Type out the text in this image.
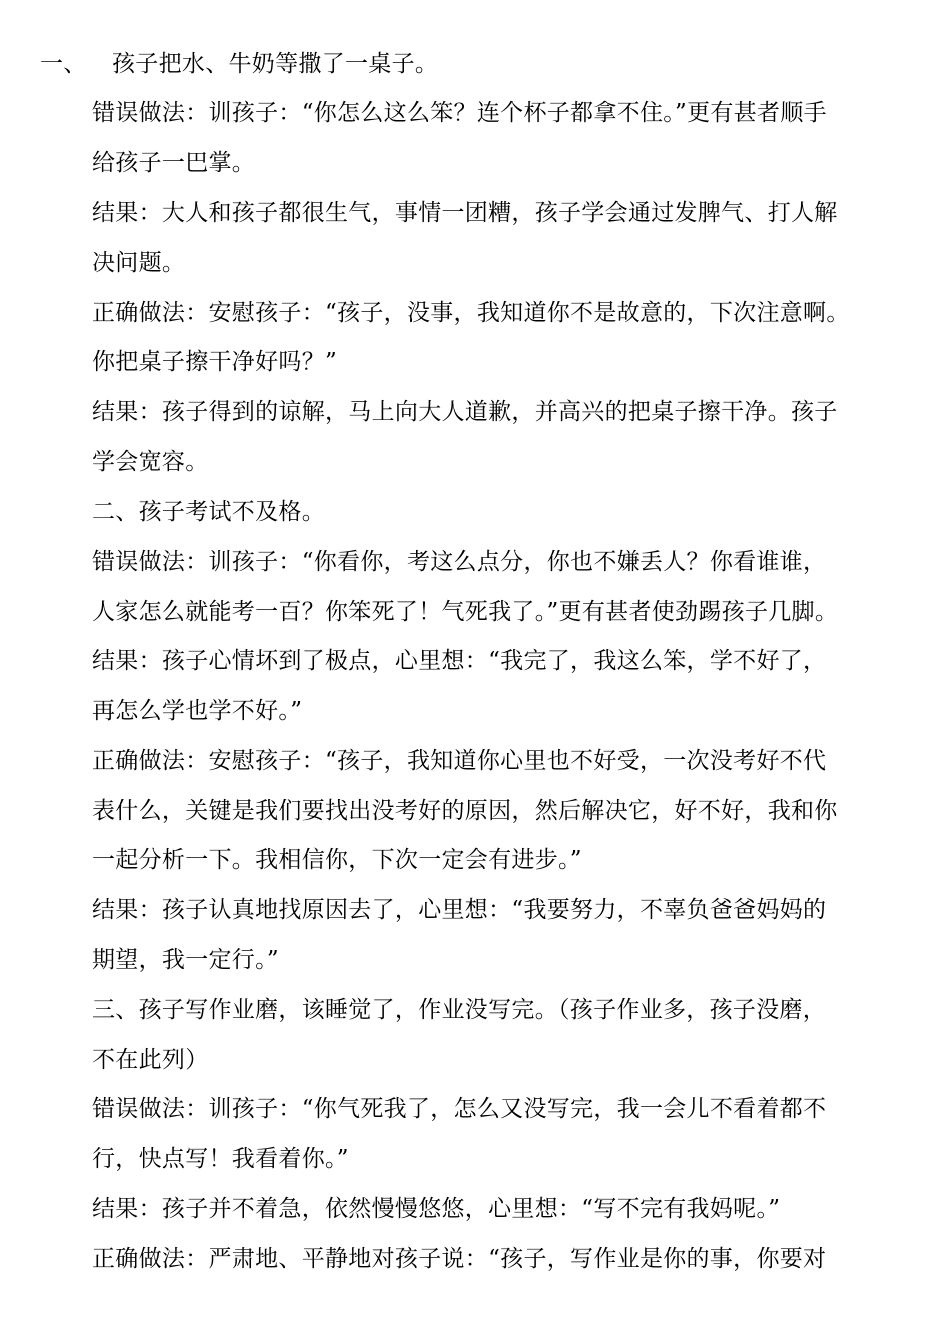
一、 孩子把水、牛奶等撒了一桌子。
错误做法：训孩子：“你怎么这么笨？连个杯子都拿不住。”更有甚者顺手
给孩子一巴掌。
结果：大人和孩子都很生气，事情一团糟，孩子学会通过发脾气、打人解
决问题。
正确做法：安慰孩子：“孩子，没事，我知道你不是故意的，下次注意啊。
你把桌子擦干净好吗？”
结果：孩子得到的谅解，马上向大人道歉，并高兴的把桌子擦干净。孩子
学会宽容。
二、孩子考试不及格。
错误做法：训孩子：“你看你，考这么点分，你也不嫌丢人？你看谁谁，
人家怎么就能考一百？你笨死了！气死我了。”更有甚者使劲踢孩子几脚。
结果：孩子心情坏到了极点，心里想：“我完了，我这么笨，学不好了，
再怎么学也学不好。”
正确做法：安慰孩子：“孩子，我知道你心里也不好受，一次没考好不代
表什么，关键是我们要找出没考好的原因，然后解决它，好不好，我和你
一起分析一下。我相信你，下次一定会有进步。”
结果：孩子认真地找原因去了，心里想：“我要努力，不辜负爸爸妈妈的
期望，我一定行。”
三、孩子写作业磨，该睡觉了，作业没写完。（孩子作业多，孩子没磨，
不在此列）
错误做法：训孩子：“你气死我了，怎么又没写完，我一会儿不看着都不
行，快点写！我看着你。”
结果：孩子并不着急，依然慢慢悠悠，心里想：“写不完有我妈呢。”
正确做法：严肃地、平静地对孩子说：“孩子，写作业是你的事，你要对
